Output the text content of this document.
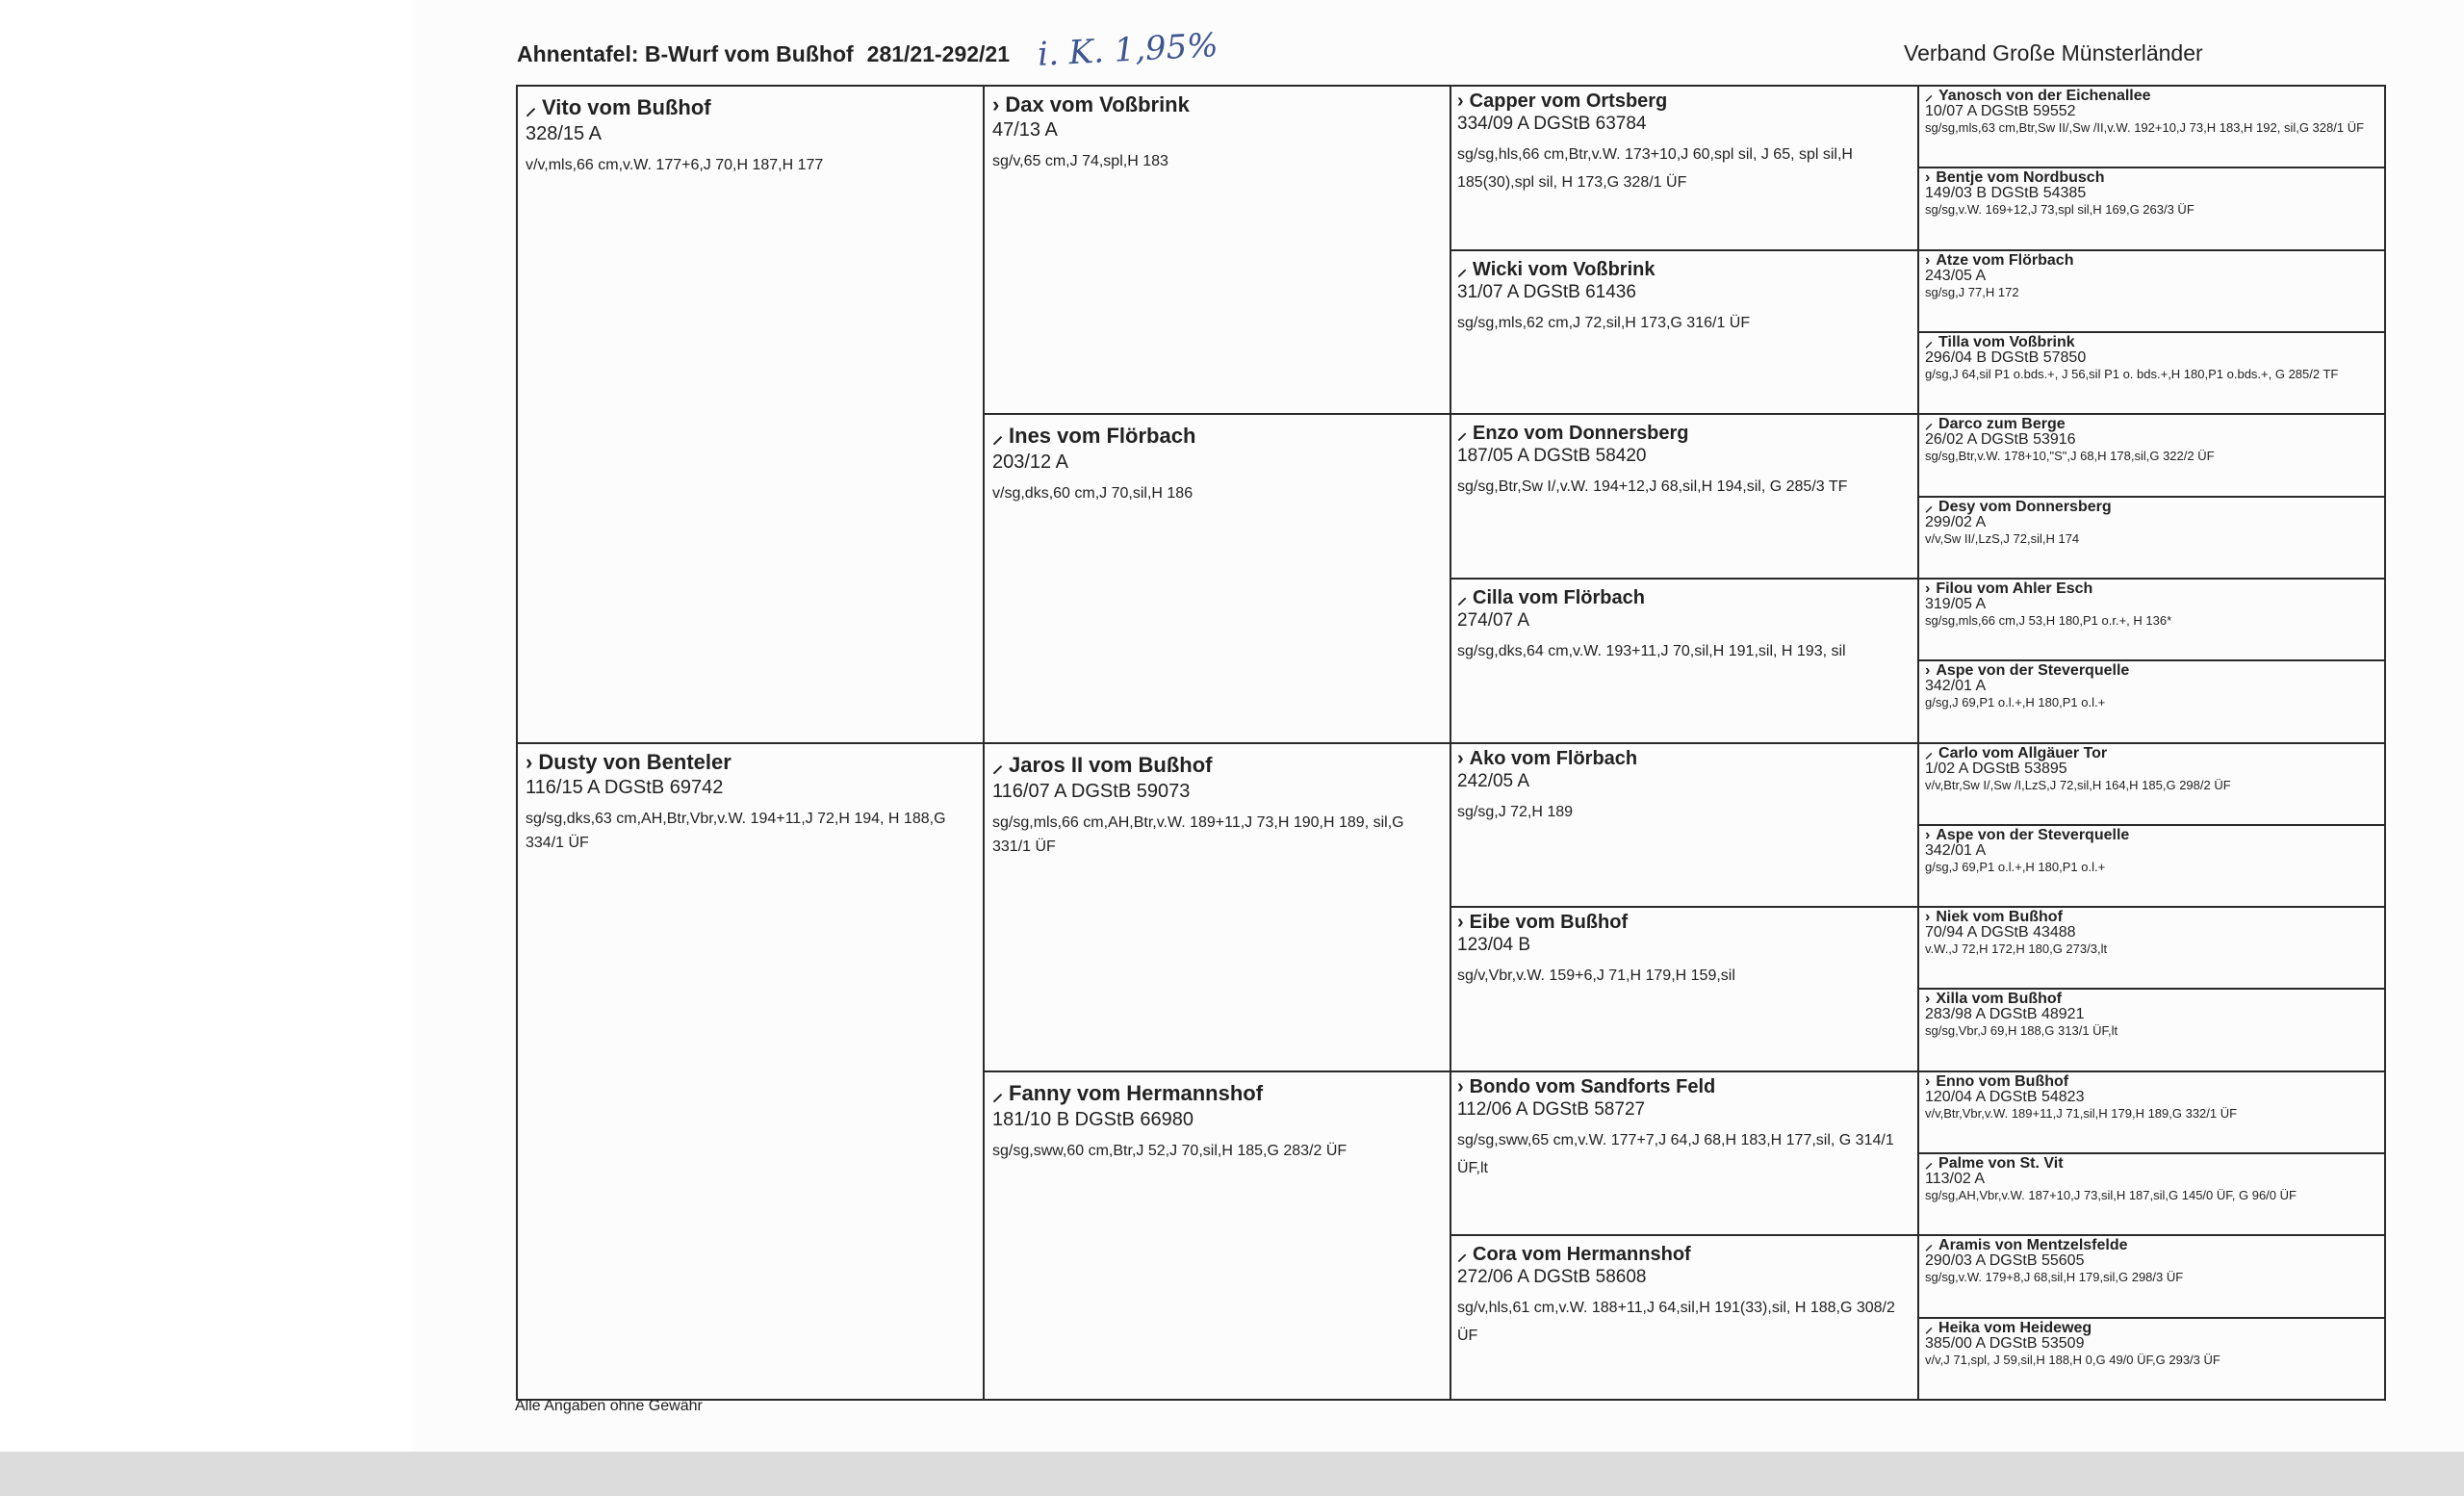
Ahnentafel: B-Wurf vom Bußhof 281/21-292/21 i. K. 1,95%	Verband Große Münsterländer
⸝ Vito vom Bußhof
328/15 A
v/v,mls,66 cm,v.W. 177+6,J 70,H 187,H 177
› Dusty von Benteler
116/15 A DGStB 69742
sg/sg,dks,63 cm,AH,Btr,Vbr,v.W. 194+11,J 72,H 194, H 188,G 334/1 ÜF
› Dax vom Voßbrink
47/13 A
sg/v,65 cm,J 74,spl,H 183
⸝ Ines vom Flörbach
203/12 A
v/sg,dks,60 cm,J 70,sil,H 186
⸝ Jaros II vom Bußhof
116/07 A DGStB 59073
sg/sg,mls,66 cm,AH,Btr,v.W. 189+11,J 73,H 190,H 189, sil,G 331/1 ÜF
⸝ Fanny vom Hermannshof
181/10 B DGStB 66980
sg/sg,sww,60 cm,Btr,J 52,J 70,sil,H 185,G 283/2 ÜF
› Capper vom Ortsberg
334/09 A DGStB 63784
sg/sg,hls,66 cm,Btr,v.W. 173+10,J 60,spl sil, J 65, spl sil,H 185(30),spl sil, H 173,G 328/1 ÜF
⸝ Wicki vom Voßbrink
31/07 A DGStB 61436
sg/sg,mls,62 cm,J 72,sil,H 173,G 316/1 ÜF
⸝ Enzo vom Donnersberg
187/05 A DGStB 58420
sg/sg,Btr,Sw I/,v.W. 194+12,J 68,sil,H 194,sil, G 285/3 TF
⸝ Cilla vom Flörbach
274/07 A
sg/sg,dks,64 cm,v.W. 193+11,J 70,sil,H 191,sil, H 193, sil
› Ako vom Flörbach
242/05 A
sg/sg,J 72,H 189
› Eibe vom Bußhof
123/04 B
sg/v,Vbr,v.W. 159+6,J 71,H 179,H 159,sil
› Bondo vom Sandforts Feld
112/06 A DGStB 58727
sg/sg,sww,65 cm,v.W. 177+7,J 64,J 68,H 183,H 177,sil, G 314/1 ÜF,lt
⸝ Cora vom Hermannshof
272/06 A DGStB 58608
sg/v,hls,61 cm,v.W. 188+11,J 64,sil,H 191(33),sil, H 188,G 308/2 ÜF
⸝ Yanosch von der Eichenallee
10/07 A DGStB 59552
sg/sg,mls,63 cm,Btr,Sw II/,Sw /II,v.W. 192+10,J 73,H 183,H 192, sil,G 328/1 ÜF
› Bentje vom Nordbusch
149/03 B DGStB 54385
sg/sg,v.W. 169+12,J 73,spl sil,H 169,G 263/3 ÜF
› Atze vom Flörbach
243/05 A
sg/sg,J 77,H 172
⸝ Tilla vom Voßbrink
296/04 B DGStB 57850
g/sg,J 64,sil P1 o.bds.+, J 56,sil P1 o. bds.+,H 180,P1 o.bds.+, G 285/2 TF
⸝ Darco zum Berge
26/02 A DGStB 53916
sg/sg,Btr,v.W. 178+10,"S",J 68,H 178,sil,G 322/2 ÜF
⸝ Desy vom Donnersberg
299/02 A
v/v,Sw II/,LzS,J 72,sil,H 174
› Filou vom Ahler Esch
319/05 A
sg/sg,mls,66 cm,J 53,H 180,P1 o.r.+, H 136*
› Aspe von der Steverquelle
342/01 A
g/sg,J 69,P1 o.l.+,H 180,P1 o.l.+
⸝ Carlo vom Allgäuer Tor
1/02 A DGStB 53895
v/v,Btr,Sw I/,Sw /I,LzS,J 72,sil,H 164,H 185,G 298/2 ÜF
› Aspe von der Steverquelle
342/01 A
g/sg,J 69,P1 o.l.+,H 180,P1 o.l.+
› Niek vom Bußhof
70/94 A DGStB 43488
v.W.,J 72,H 172,H 180,G 273/3,lt
› Xilla vom Bußhof
283/98 A DGStB 48921
sg/sg,Vbr,J 69,H 188,G 313/1 ÜF,lt
› Enno vom Bußhof
120/04 A DGStB 54823
v/v,Btr,Vbr,v.W. 189+11,J 71,sil,H 179,H 189,G 332/1 ÜF
⸝ Palme von St. Vit
113/02 A
sg/sg,AH,Vbr,v.W. 187+10,J 73,sil,H 187,sil,G 145/0 ÜF, G 96/0 ÜF
⸝ Aramis von Mentzelsfelde
290/03 A DGStB 55605
sg/sg,v.W. 179+8,J 68,sil,H 179,sil,G 298/3 ÜF
⸝ Heika vom Heideweg
385/00 A DGStB 53509
v/v,J 71,spl, J 59,sil,H 188,H 0,G 49/0 ÜF,G 293/3 ÜF
Alle Angaben ohne Gewähr
